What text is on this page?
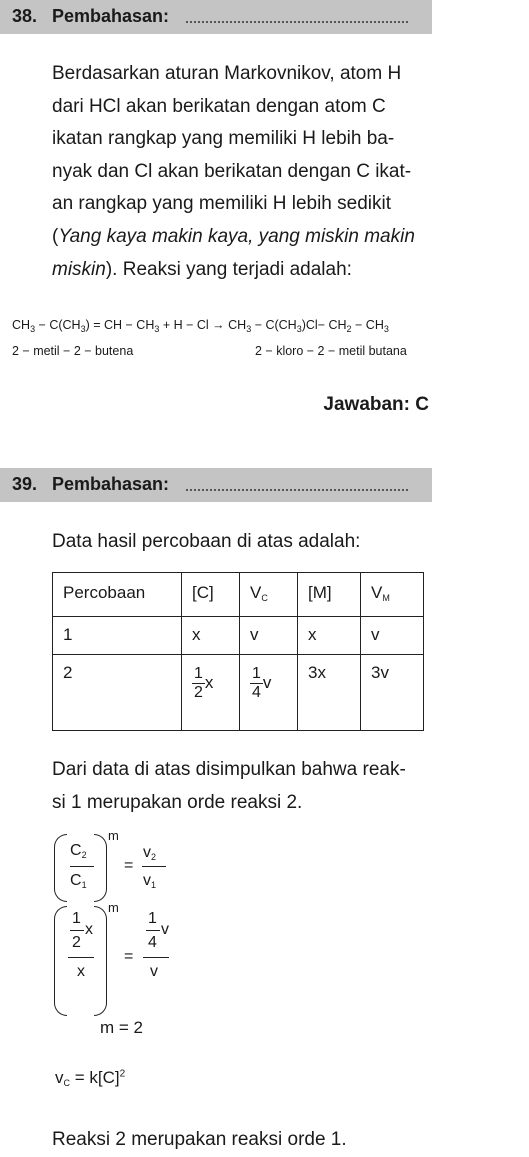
38. Pembahasan:
Berdasarkan aturan Markovnikov, atom H
dari HCl akan berikatan dengan atom C
ikatan rangkap yang memiliki H lebih ba-
nyak dan Cl akan berikatan dengan C ikat-
an rangkap yang memiliki H lebih sedikit
(Yang kaya makin kaya, yang miskin makin
miskin). Reaksi yang terjadi adalah:
$CH_3 - C(CH_3)$ = CH − $CH_3 + H - Cl \to CH_3 - C(CH_3)Cl- CH_2 - CH_3$
2 − metil − 2 − butena	2 − kloro − 2 − metil butana
Jawaban: C
39. Pembahasan:
Data hasil percobaan di atas adalah:
Percobaan	[C]	$V_C$	[M]	$V_M$
1	x	v	x	v
2	$\frac{1}{2}$ x	$\frac{1}{4}$ v	3x	3v
Dari data di atas disimpulkan bahwa reak-
si 1 merupakan orde reaksi 2.
$C_2$
$C_1$
m
=
$v_2$
$v_1$
1
2
x
x
m
=
1
4
v
v
m = 2
$v_C = k[C]^2$
Reaksi 2 merupakan reaksi orde 1.
